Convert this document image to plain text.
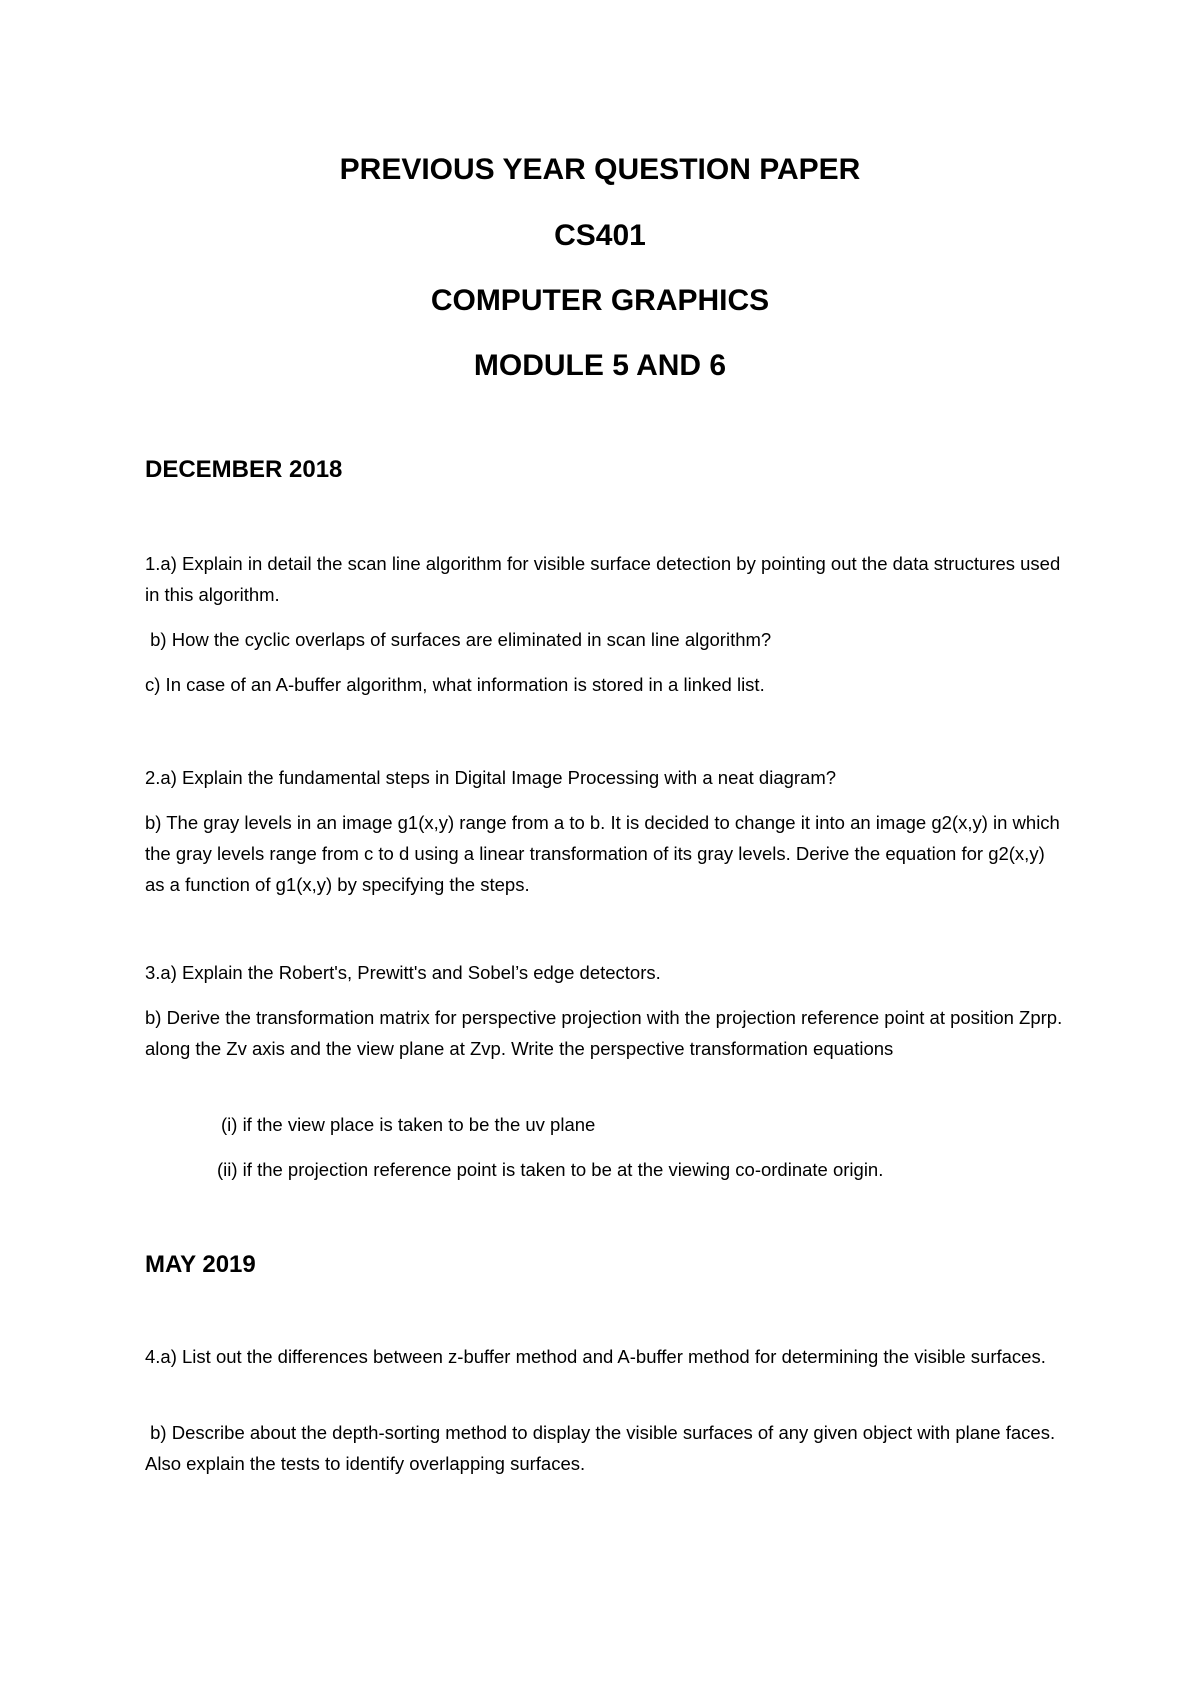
PREVIOUS YEAR QUESTION PAPER
CS401
COMPUTER GRAPHICS
MODULE 5 AND 6
DECEMBER 2018

1.a) Explain in detail the scan line algorithm for visible surface detection by pointing out the data structures used in this algorithm.

b) How the cyclic overlaps of surfaces are eliminated in scan line algorithm?

c) In case of an A-buffer algorithm, what information is stored in a linked list.

2.a) Explain the fundamental steps in Digital Image Processing with a neat diagram?

b) The gray levels in an image g1(x,y) range from a to b. It is decided to change it into an image g2(x,y) in which the gray levels range from c to d using a linear transformation of its gray levels. Derive the equation for g2(x,y) as a function of g1(x,y) by specifying the steps.

3.a) Explain the Robert's, Prewitt's and Sobel’s edge detectors.

b) Derive the transformation matrix for perspective projection with the projection reference point at position Zprp. along the Zv axis and the view plane at Zvp. Write the perspective transformation equations

(i) if the view place is taken to be the uv plane
(ii) if the projection reference point is taken to be at the viewing co-ordinate origin.
MAY 2019

4.a) List out the differences between z-buffer method and A-buffer method for determining the visible surfaces.

b) Describe about the depth-sorting method to display the visible surfaces of any given object with plane faces. Also explain the tests to identify overlapping surfaces.
